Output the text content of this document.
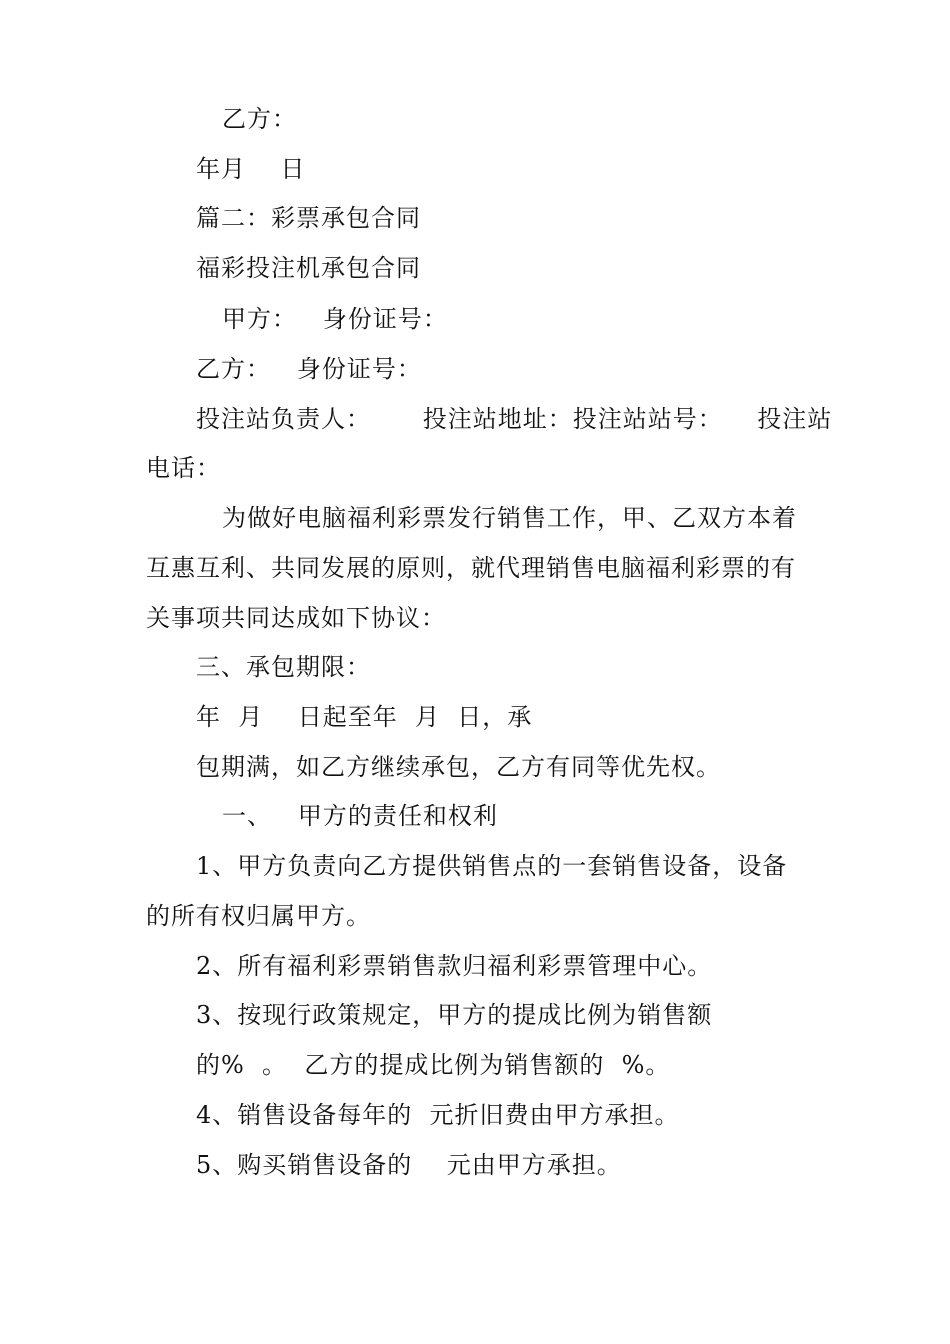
乙方：
年月    日
篇二：彩票承包合同
福彩投注机承包合同
甲方：   身份证号：
乙方：   身份证号：
投注站负责人：      投注站地址：投注站站号：    投注站
电话：
为做好电脑福利彩票发行销售工作，甲、乙双方本着
互惠互利、共同发展的原则，就代理销售电脑福利彩票的有
关事项共同达成如下协议：
三、承包期限：
年  月    日起至年  月  日，承
包期满，如乙方继续承包，乙方有同等优先权。
一、   甲方的责任和权利
1、甲方负责向乙方提供销售点的一套销售设备，设备
的所有权归属甲方。
2、所有福利彩票销售款归福利彩票管理中心。
3、按现行政策规定，甲方的提成比例为销售额
的%  。  乙方的提成比例为销售额的  %。
4、销售设备每年的  元折旧费由甲方承担。
5、购买销售设备的    元由甲方承担。
